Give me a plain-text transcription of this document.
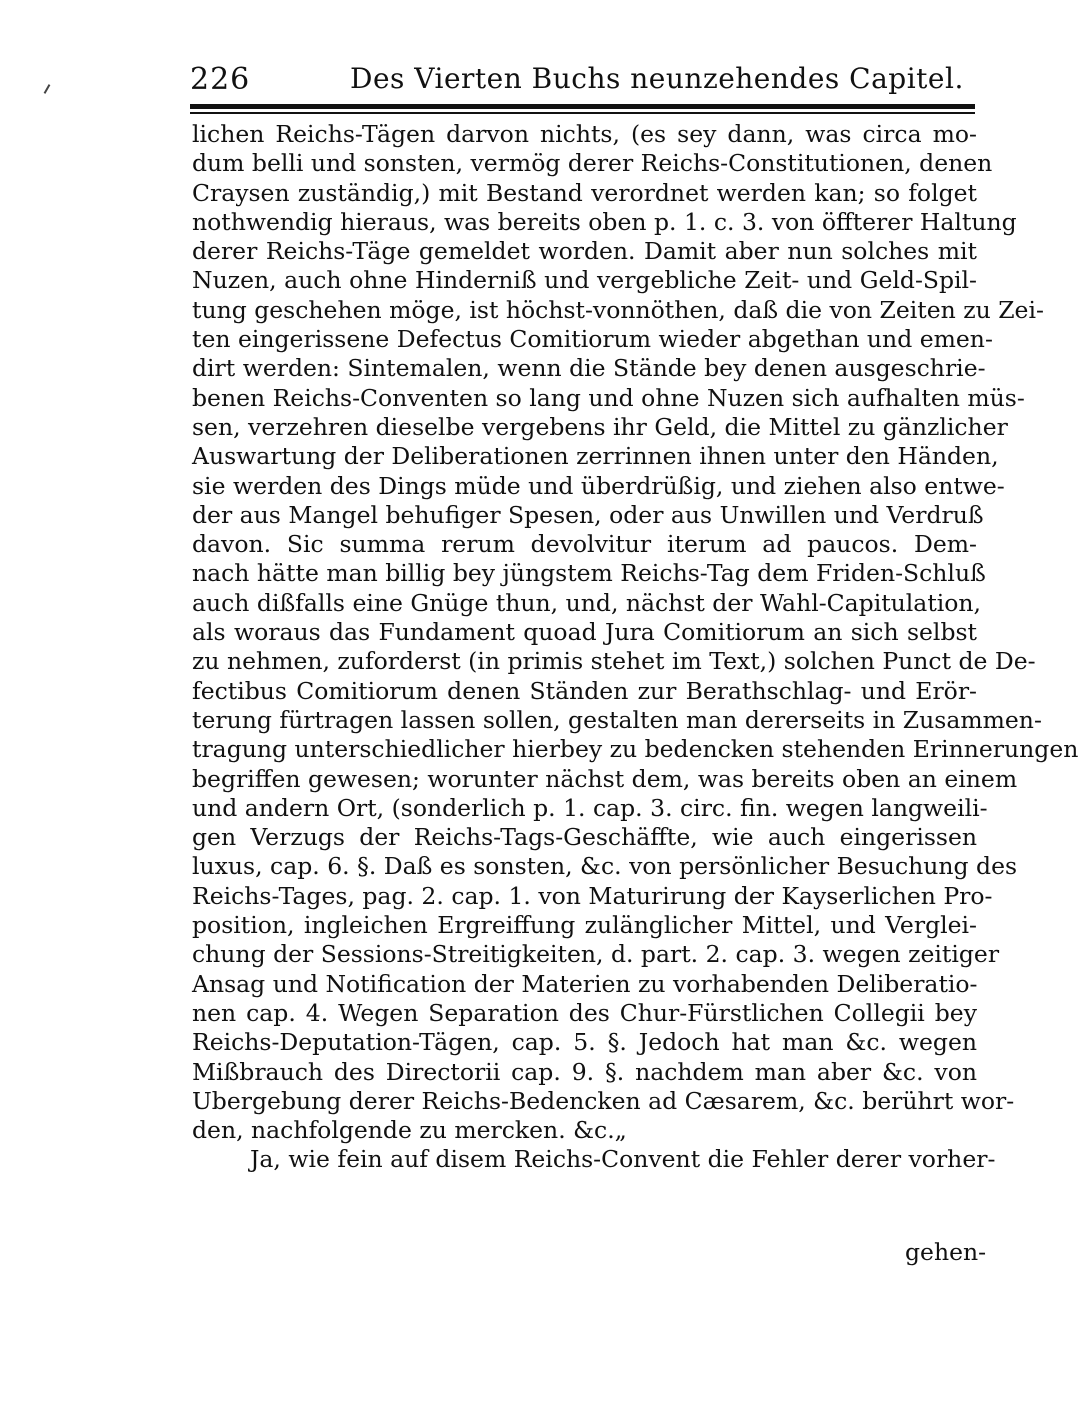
226	Des Vierten Buchs neunzehendes Capitel.
lichen Reichs-Tägen darvon nichts, (es sey dann, was circa mo-
dum belli und sonsten, vermög derer Reichs-Constitutionen, denen
Craysen zuständig,) mit Bestand verordnet werden kan; so folget
nothwendig hieraus, was bereits oben p. 1. c. 3. von öffterer Haltung
derer Reichs-Täge gemeldet worden. Damit aber nun solches mit
Nuzen, auch ohne Hinderniß und vergebliche Zeit- und Geld-Spil-
tung geschehen möge, ist höchst-vonnöthen, daß die von Zeiten zu Zei-
ten eingerissene Defectus Comitiorum wieder abgethan und emen-
dirt werden: Sintemalen, wenn die Stände bey denen ausgeschrie-
benen Reichs-Conventen so lang und ohne Nuzen sich aufhalten müs-
sen, verzehren dieselbe vergebens ihr Geld, die Mittel zu gänzlicher
Auswartung der Deliberationen zerrinnen ihnen unter den Händen,
sie werden des Dings müde und überdrüßig, und ziehen also entwe-
der aus Mangel behufiger Spesen, oder aus Unwillen und Verdruß
davon. Sic summa rerum devolvitur iterum ad paucos. Dem-
nach hätte man billig bey jüngstem Reichs-Tag dem Friden-Schluß
auch dißfalls eine Gnüge thun, und, nächst der Wahl-Capitulation,
als woraus das Fundament quoad Jura Comitiorum an sich selbst
zu nehmen, zuforderst (in primis stehet im Text,) solchen Punct de De-
fectibus Comitiorum denen Ständen zur Berathschlag- und Erör-
terung fürtragen lassen sollen, gestalten man dererseits in Zusammen-
tragung unterschiedlicher hierbey zu bedencken stehenden Erinnerungen
begriffen gewesen; worunter nächst dem, was bereits oben an einem
und andern Ort, (sonderlich p. 1. cap. 3. circ. fin. wegen langweili-
gen Verzugs der Reichs-Tags-Geschäffte, wie auch eingerissen
luxus, cap. 6. §. Daß es sonsten, &c. von persönlicher Besuchung des
Reichs-Tages, pag. 2. cap. 1. von Maturirung der Kayserlichen Pro-
position, ingleichen Ergreiffung zulänglicher Mittel, und Verglei-
chung der Sessions-Streitigkeiten, d. part. 2. cap. 3. wegen zeitiger
Ansag und Notification der Materien zu vorhabenden Deliberatio-
nen cap. 4. Wegen Separation des Chur-Fürstlichen Collegii bey
Reichs-Deputation-Tägen, cap. 5. §. Jedoch hat man &c. wegen
Mißbrauch des Directorii cap. 9. §. nachdem man aber &c. von
Ubergebung derer Reichs-Bedencken ad Cæsarem, &c. berührt wor-
den, nachfolgende zu mercken. &c.„
Ja, wie fein auf disem Reichs-Convent die Fehler derer vorher-
gehen-
